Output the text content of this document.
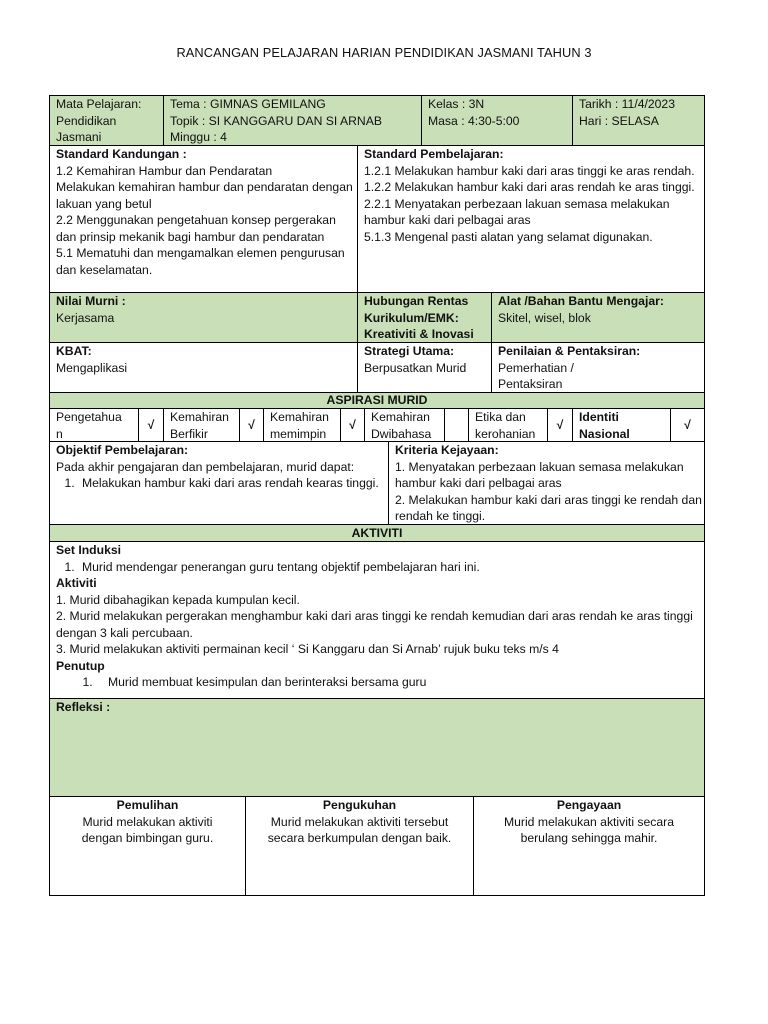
RANCANGAN PELAJARAN HARIAN PENDIDIKAN JASMANI TAHUN 3
Mata Pelajaran:
Pendidikan
Jasmani
Tema : GIMNAS GEMILANG
Topik : SI KANGGARU DAN SI ARNAB
Minggu : 4
Kelas : 3N
Masa : 4:30-5:00
Tarikh : 11/4/2023
Hari : SELASA
Standard Kandungan :
1.2 Kemahiran Hambur dan Pendaratan
Melakukan kemahiran hambur dan pendaratan dengan lakuan yang betul
2.2 Menggunakan pengetahuan konsep pergerakan dan prinsip mekanik bagi hambur dan pendaratan
5.1 Mematuhi dan mengamalkan elemen pengurusan dan keselamatan.
Standard Pembelajaran:
1.2.1 Melakukan hambur kaki dari aras tinggi ke aras rendah.
1.2.2 Melakukan hambur kaki dari aras rendah ke aras tinggi.
2.2.1 Menyatakan perbezaan lakuan semasa melakukan hambur kaki dari pelbagai aras
5.1.3 Mengenal pasti alatan yang selamat digunakan.
Nilai Murni :
Kerjasama
Hubungan Rentas Kurikulum/EMK:
Kreativiti & Inovasi
Alat /Bahan Bantu Mengajar:
Skitel, wisel, blok
KBAT:
Mengaplikasi
Strategi Utama:
Berpusatkan Murid
Penilaian & Pentaksiran:
Pemerhatian /
Pentaksiran
ASPIRASI MURID
Pengetahua
n
√
Kemahiran
Berfikir
√
Kemahiran
memimpin
√
Kemahiran
Dwibahasa
Etika dan
kerohanian
√
Identiti
Nasional
√
Objektif Pembelajaran:
Pada akhir pengajaran dan pembelajaran, murid dapat:
1. Melakukan hambur kaki dari aras rendah kearas tinggi.
Kriteria Kejayaan:
1. Menyatakan perbezaan lakuan semasa melakukan hambur kaki dari pelbagai aras
2. Melakukan hambur kaki dari aras tinggi ke rendah dan rendah ke tinggi.
AKTIVITI
Set Induksi
1. Murid mendengar penerangan guru tentang objektif pembelajaran hari ini.
Aktiviti
1. Murid dibahagikan kepada kumpulan kecil.
2. Murid melakukan pergerakan menghambur kaki dari aras tinggi ke rendah kemudian dari aras rendah ke aras tinggi dengan 3 kali percubaan.
3. Murid melakukan aktiviti permainan kecil ‘ Si Kanggaru dan Si Arnab’ rujuk buku teks m/s 4
Penutup
1. Murid membuat kesimpulan dan berinteraksi bersama guru
Refleksi :
Pemulihan
Murid melakukan aktiviti
dengan bimbingan guru.
Pengukuhan
Murid melakukan aktiviti tersebut
secara berkumpulan dengan baik.
Pengayaan
Murid melakukan aktiviti secara
berulang sehingga mahir.
